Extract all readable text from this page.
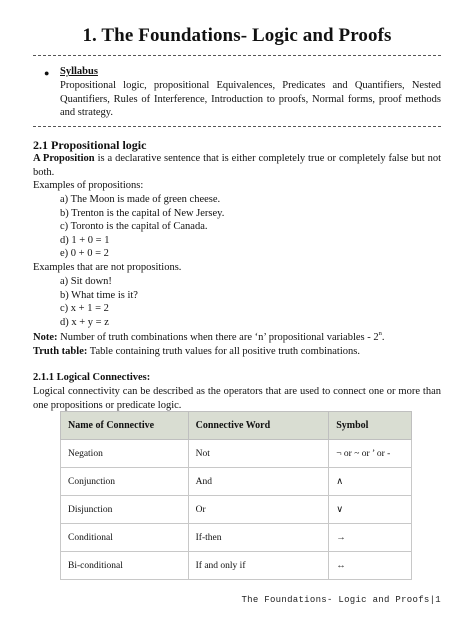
1. The Foundations- Logic and Proofs
● Syllabus
Propositional logic, propositional Equivalences, Predicates and Quantifiers, Nested Quantifiers, Rules of Interference, Introduction to proofs, Normal forms, proof methods and strategy.
2.1 Propositional logic
A Proposition is a declarative sentence that is either completely true or completely false but not both.
Examples of propositions:
a) The Moon is made of green cheese.
b) Trenton is the capital of New Jersey.
c) Toronto is the capital of Canada.
d) 1 + 0 = 1
e) 0 + 0 = 2
Examples that are not propositions.
a) Sit down!
b) What time is it?
c) x + 1 = 2
d) x + y = z
Note: Number of truth combinations when there are ‘n’ propositional variables - 2$^n$.
Truth table: Table containing truth values for all positive truth combinations.
2.1.1 Logical Connectives:
Logical connectivity can be described as the operators that are used to connect one or more than one propositions or predicate logic.
Name of Connective	Connective Word	Symbol
Negation	Not	¬ or ~ or ’ or -
Conjunction	And	∧
Disjunction	Or	∨
Conditional	If-then	→
Bi-conditional	If and only if	↔
The Foundations- Logic and Proofs|1
